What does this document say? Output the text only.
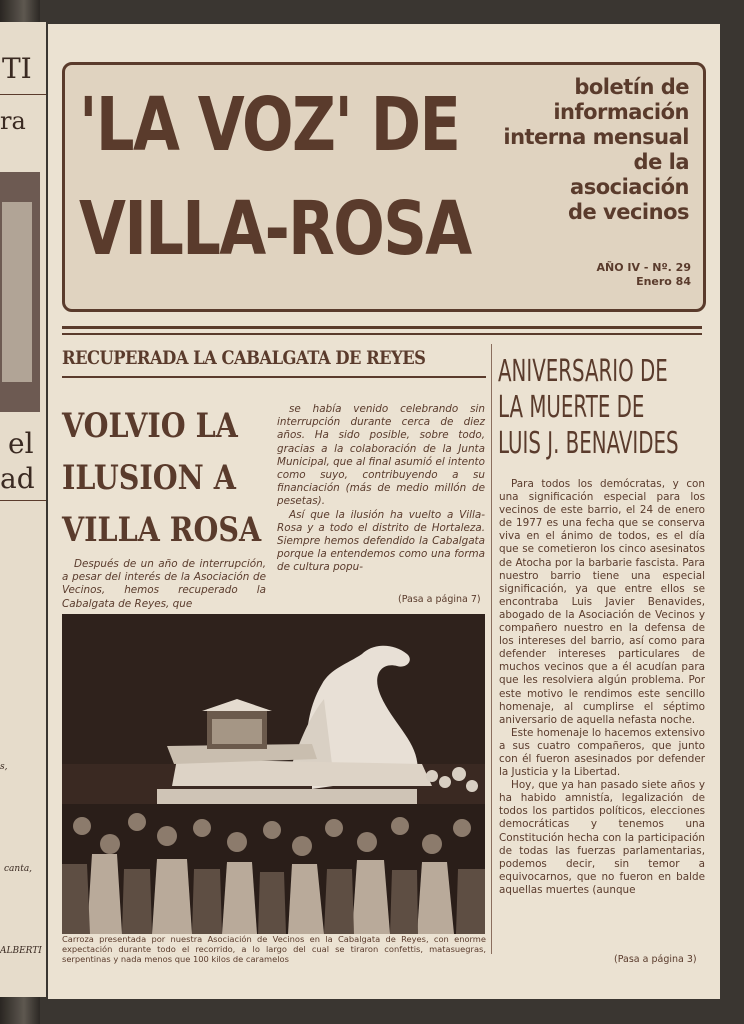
TI
ra
el
ad
s,
canta,
ALBERTI
'LA VOZ' DE
VILLA-ROSA
boletín de
información
interna mensual
de la
asociación
de vecinos
AÑO IV - Nº. 29
Enero 84
RECUPERADA LA CABALGATA DE REYES
VOLVIO LA
ILUSION A
VILLA ROSA

Después de un año de interrupción, a pesar del interés de la Asociación de Vecinos, hemos recuperado la Cabalgata de Reyes, que

se había venido celebrando sin interrupción durante cerca de diez años. Ha sido posible, sobre todo, gracias a la colaboración de la Junta Municipal, que al final asumió el intento como suyo, contribuyendo a su financiación (más de medio millón de pesetas).

Así que la ilusión ha vuelto a Villa-Rosa y a todo el distrito de Hortaleza. Siempre hemos defendido la Cabalgata porque la entendemos como una forma de cultura popu-

(Pasa a página 7)
Carroza presentada por nuestra Asociación de Vecinos en la Cabalgata de Reyes, con enorme expectación durante todo el recorrido, a lo largo del cual se tiraron confettis, matasuegras, serpentinas y nada menos que 100 kilos de caramelos
ANIVERSARIO DE
LA MUERTE DE
LUIS J. BENAVIDES

Para todos los demócratas, y con una significación especial para los vecinos de este barrio, el 24 de enero de 1977 es una fecha que se conserva viva en el ánimo de todos, es el día que se cometieron los cinco asesinatos de Atocha por la barbarie fascista. Para nuestro barrio tiene una especial significación, ya que entre ellos se encontraba Luis Javier Benavides, abogado de la Asociación de Vecinos y compañero nuestro en la defensa de los intereses del barrio, así como para defender intereses particulares de muchos vecinos que a él acudían para que les resolviera algún problema. Por este motivo le rendimos este sencillo homenaje, al cumplirse el séptimo aniversario de aquella nefasta noche.

Este homenaje lo hacemos extensivo a sus cuatro compañeros, que junto con él fueron asesinados por defender la Justicia y la Libertad.

Hoy, que ya han pasado siete años y ha habido amnistía, legalización de todos los partidos políticos, elecciones democráticas y tenemos una Constitución hecha con la participación de todas las fuerzas parlamentarias, podemos decir, sin temor a equivocarnos, que no fueron en balde aquellas muertes (aunque

(Pasa a página 3)
